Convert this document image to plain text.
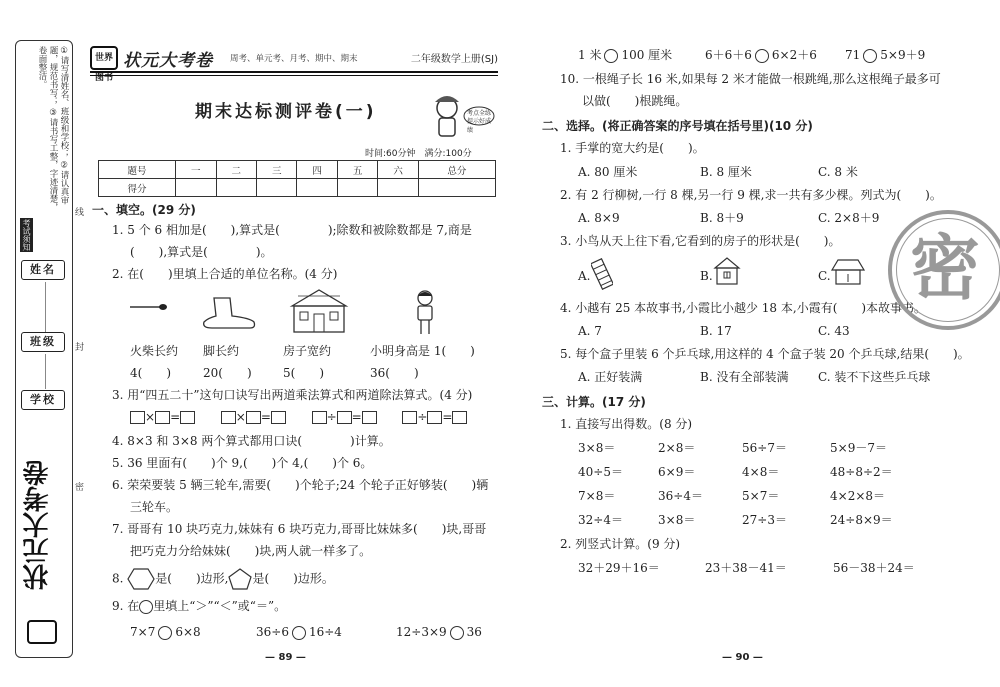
①请写清姓名、班级和学校； ②请认真审题，规范书写； ③请书写工整，字迹清楚，卷面整洁。
考试须知
姓名
班级
学校
状元大考卷
线
封
密
世界图书
状元大考卷 周考、单元考、月考、期中、期末	二年级数学上册(SJ)
期末达标测评卷(一)	考点全练
提示好成绩
时间:60分钟　满分:100分
题号	一	二	三	四	五	六	总分
得分							
一、填空。(29 分)
1. 5 个 6 相加是(　　),算式是(　　　　);除数和被除数都是 7,商是
(　　),算式是(　　　　)。
2. 在(　　)里填上合适的单位名称。(4 分)
火柴长约 脚长约	房子宽约	小明身高是 1(　　)
4(　　)	20(　　)	5(　　)	36(　　)
3. 用“四五二十”这句口诀写出两道乘法算式和两道除法算式。(4 分)
× =	× =	÷ =	÷ =
4. 8×3 和 3×8 两个算式都用口诀(　　　　)计算。
5. 36 里面有(　　)个 9,(　　)个 4,(　　)个 6。
6. 荣荣要装 5 辆三轮车,需要(　　)个轮子;24 个轮子正好够装(　　)辆
三轮车。
7. 哥哥有 10 块巧克力,妹妹有 6 块巧克力,哥哥比妹妹多(　　)块,哥哥
把巧克力分给妹妹(　　)块,两人就一样多了。
8.	是(　　)边形, 是(　　)边形。
9. 在 里填上“＞”“＜”或“＝”。
7×7 6×8	36÷6 16÷4	12÷3×9 36
— 89 —
1 米 100 厘米	6＋6＋6 6×2＋6 71 5×9＋9
10. 一根绳子长 16 米,如果每 2 米才能做一根跳绳,那么这根绳子最多可
以做(　　)根跳绳。
二、选择。(将正确答案的序号填在括号里)(10 分)
1. 手掌的宽大约是(　　)。
A. 80 厘米	B. 8 厘米	C. 8 米
2. 有 2 行柳树,一行 8 棵,另一行 9 棵,求一共有多少棵。列式为(　　)。
A. 8×9	B. 8＋9	C. 2×8＋9
3. 小鸟从天上往下看,它看到的房子的形状是(　　)。
A.	B.	C.
4. 小越有 25 本故事书,小霞比小越少 18 本,小霞有(　　)本故事书。
A. 7	B. 17	C. 43
5. 每个盒子里装 6 个乒乓球,用这样的 4 个盒子装 20 个乒乓球,结果(　　)。
A. 正好装满	B. 没有全部装满 C. 装不下这些乒乓球
三、计算。(17 分)
1. 直接写出得数。(8 分)
3×8＝	2×8＝	56÷7＝	5×9－7＝
40÷5＝	6×9＝	4×8＝	48÷8÷2＝
7×8＝	36÷4＝	5×7＝	4×2×8＝
32÷4＝	3×8＝	27÷3＝	24÷8×9＝
2. 列竖式计算。(9 分)
32＋29＋16＝	23＋38－41＝	56－38＋24＝
— 90 —
密
